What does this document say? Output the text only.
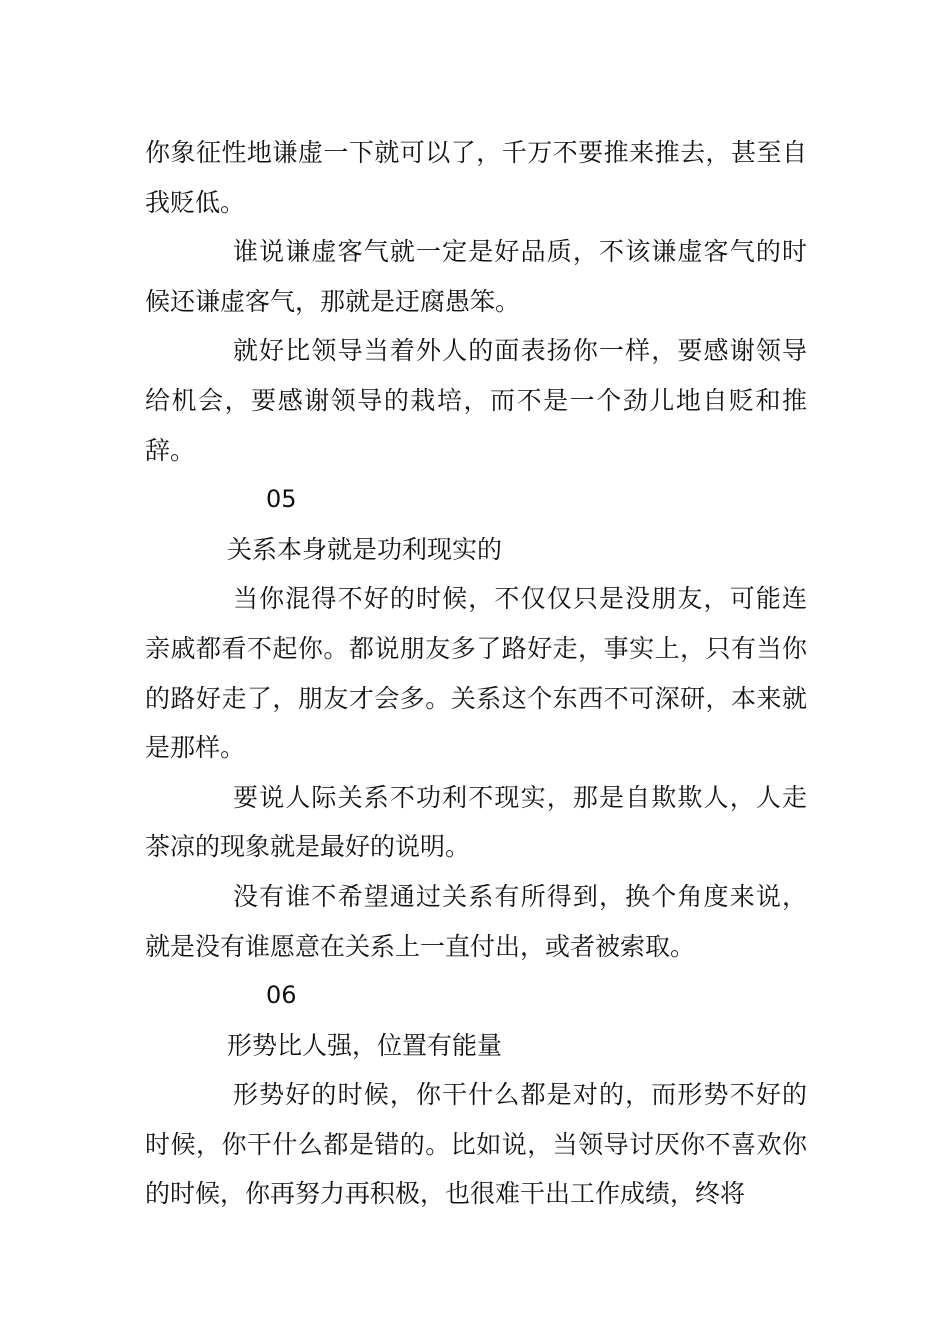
你象征性地谦虚一下就可以了，千万不要推来推去，甚至自我贬低。

谁说谦虚客气就一定是好品质，不该谦虚客气的时候还谦虚客气，那就是迂腐愚笨。

就好比领导当着外人的面表扬你一样，要感谢领导给机会，要感谢领导的栽培，而不是一个劲儿地自贬和推辞。

05

关系本身就是功利现实的

当你混得不好的时候，不仅仅只是没朋友，可能连亲戚都看不起你。都说朋友多了路好走，事实上，只有当你的路好走了，朋友才会多。关系这个东西不可深研，本来就是那样。

要说人际关系不功利不现实，那是自欺欺人，人走茶凉的现象就是最好的说明。

没有谁不希望通过关系有所得到，换个角度来说，就是没有谁愿意在关系上一直付出，或者被索取。

06

形势比人强，位置有能量

形势好的时候，你干什么都是对的，而形势不好的时候，你干什么都是错的。比如说，当领导讨厌你不喜欢你的时候，你再努力再积极，也很难干出工作成绩，终将
